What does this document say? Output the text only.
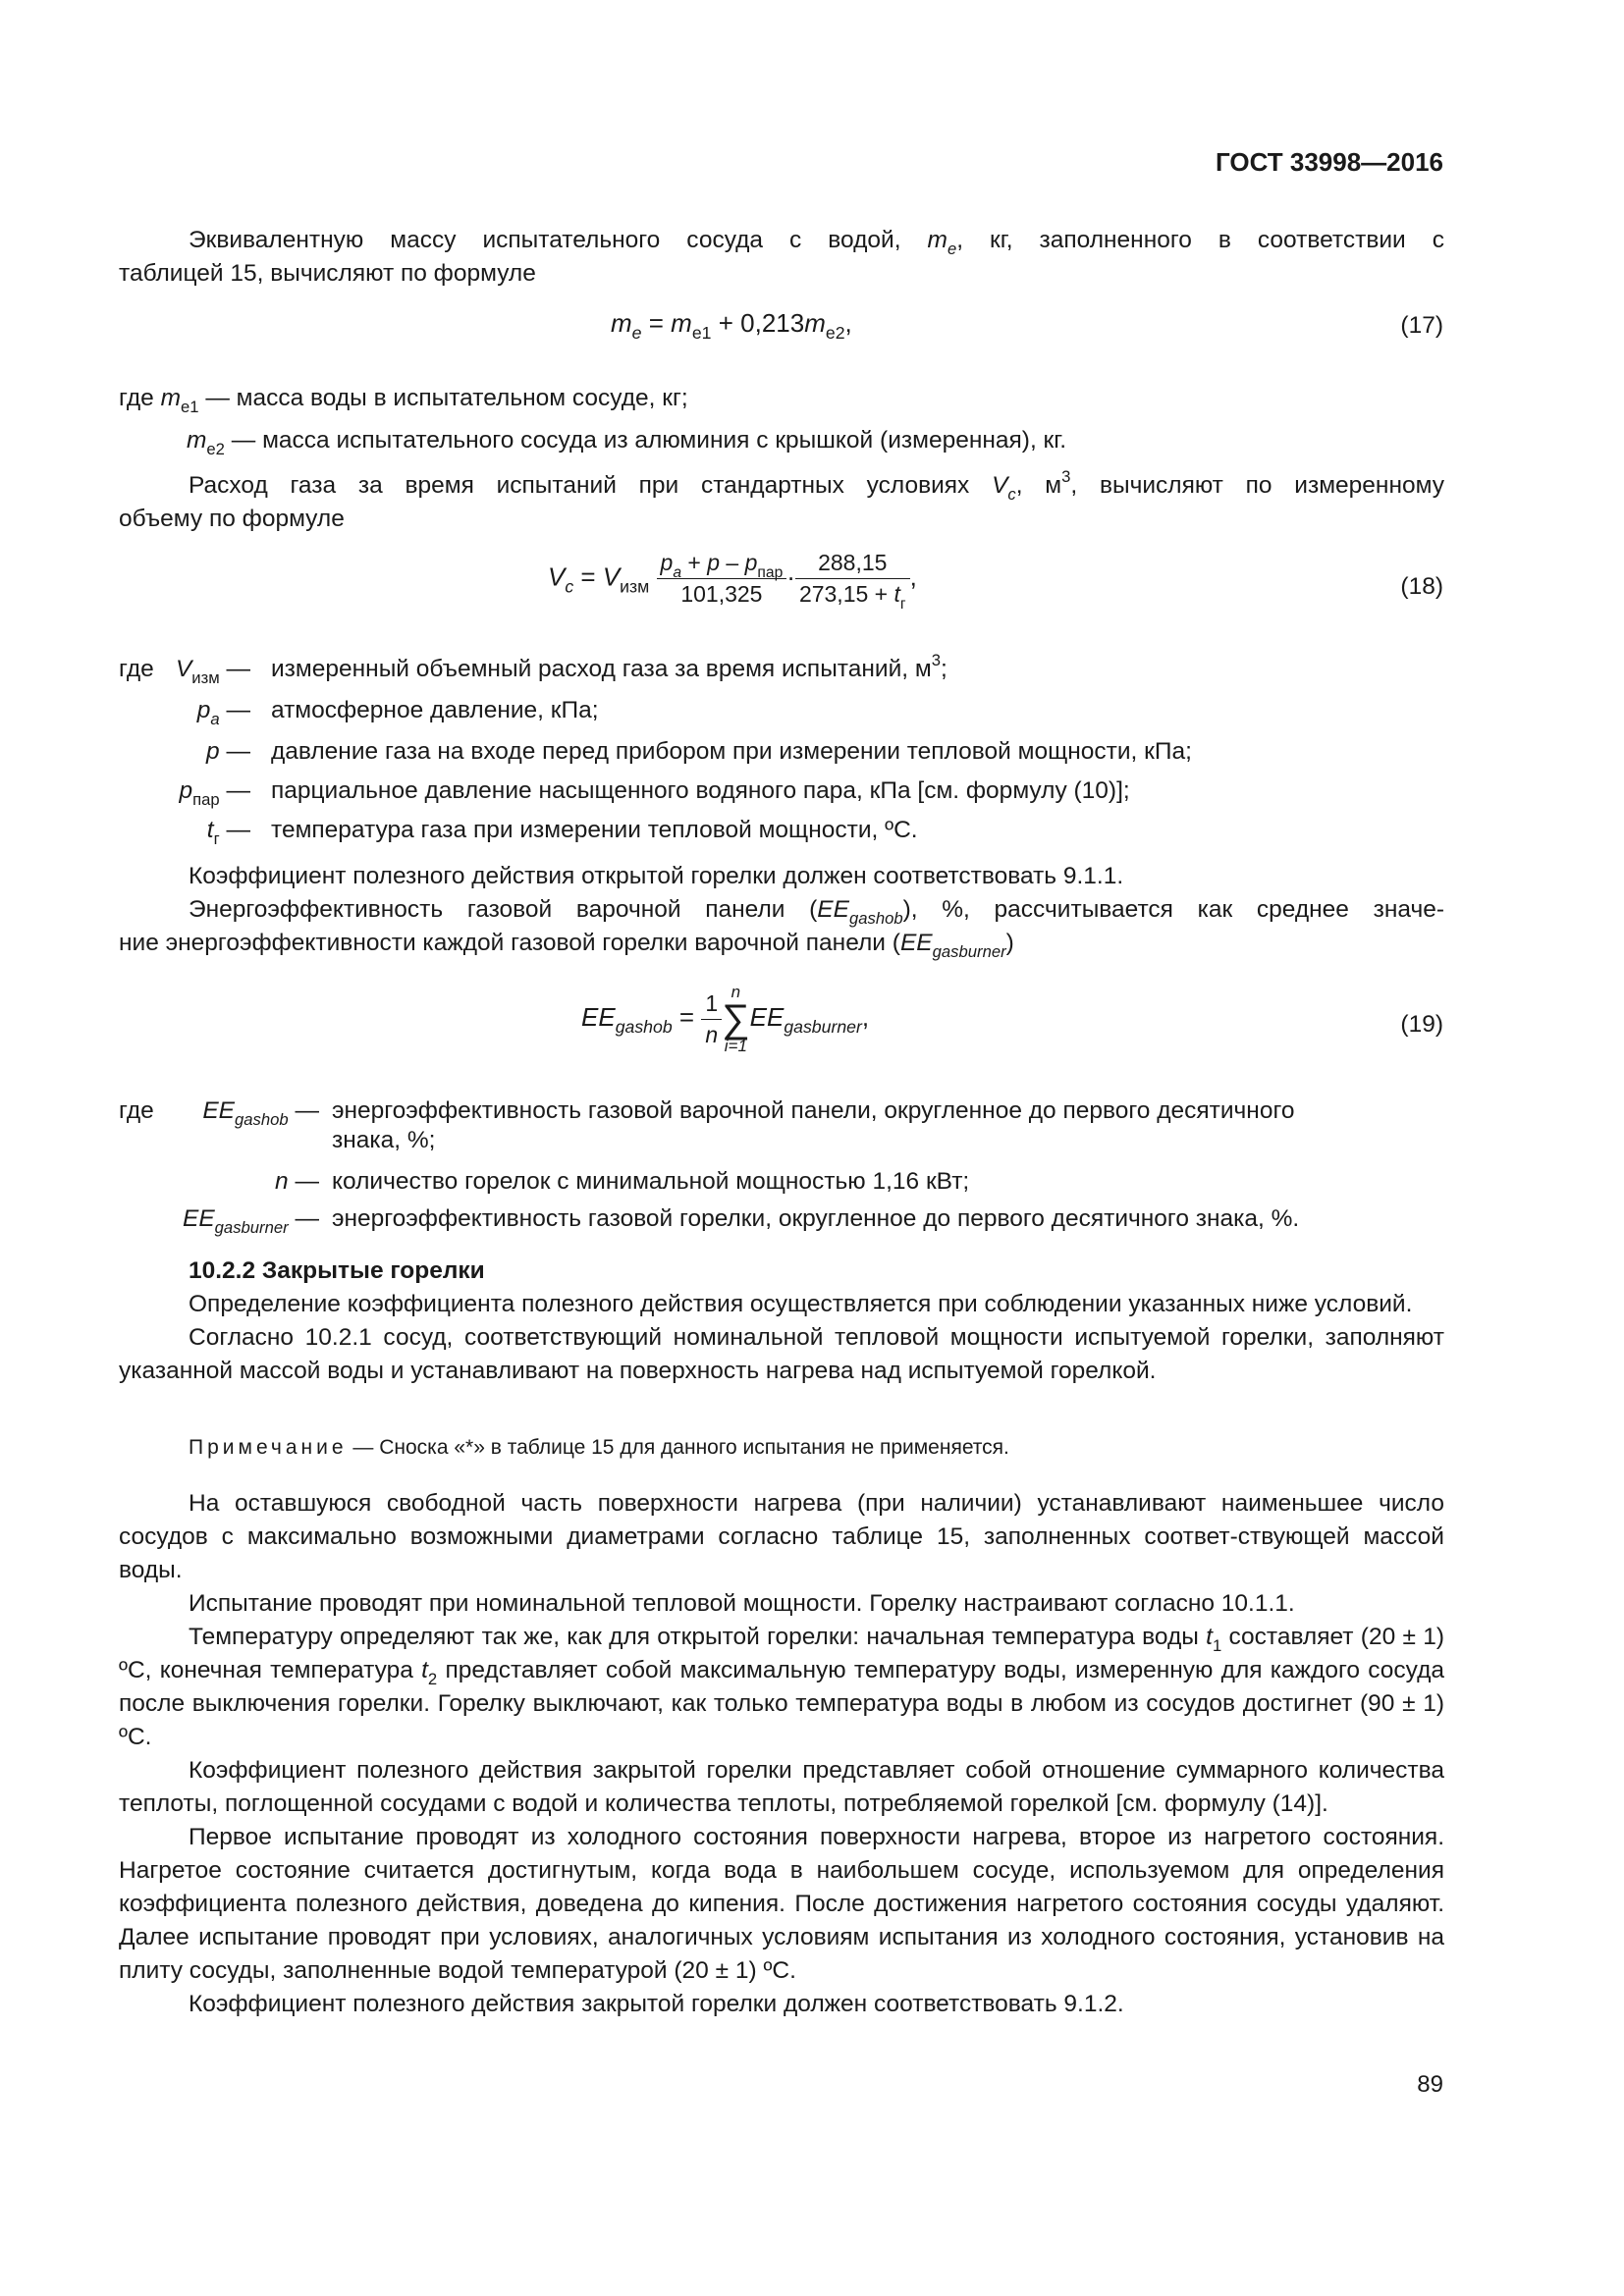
ГОСТ 33998—2016

Эквивалентную массу испытательного сосуда с водой, $m_e$, кг, заполненного в соответствии с

таблицей 15, вычисляют по формуле

$m_e = m_{e1} + 0,213m_{e2}$,	(17)
где $m_{e1}$ — масса воды в испытательном сосуде, кг;
$m_{e2}$ — масса испытательного сосуда из алюминия с крышкой (измеренная), кг.

Расход газа за время испытаний при стандартных условиях $V_c$, $м^3$, вычисляют по измеренному

объему по формуле

$V_c = V_{изм} \frac{p_a + p - p_{пар}}{101,325} \cdot \frac{288,15}{273,15 + t_г}$ ,	(18)
где $V_{изм}$ — измеренный объемный расход газа за время испытаний, $м^3$;
$p_a$ — атмосферное давление, кПа;
p — давление газа на входе перед прибором при измерении тепловой мощности, кПа;
$p_{пар}$ — парциальное давление насыщенного водяного пара, кПа [см. формулу (10)];
$t_г$ — температура газа при измерении тепловой мощности, ºС.

Коэффициент полезного действия открытой горелки должен соответствовать 9.1.1.

Энергоэффективность газовой варочной панели $(EE_{gashob})$, %, рассчитывается как среднее значе-

ние энергоэффективности каждой газовой горелки варочной панели $(EE_{gasburner})$

$EE_{gashob} = \frac{1}{n}$ n
∑
i=1
$EE_{gasburner}$,	(19)
где	$EE_{gashob}$ — энергоэффективность газовой варочной панели, округленное до первого десятичного
знака, %;
n — количество горелок с минимальной мощностью 1,16 кВт;
$EE_{gasburner}$ — энергоэффективность газовой горелки, округленное до первого десятичного знака, %.

10.2.2 Закрытые горелки

Определение коэффициента полезного действия осуществляется при соблюдении указанных ниже условий.

Согласно 10.2.1 сосуд, соответствующий номинальной тепловой мощности испытуемой горелки, заполняют указанной массой воды и устанавливают на поверхность нагрева над испытуемой горелкой.

Примечание — Сноска «*» в таблице 15 для данного испытания не применяется.

На оставшуюся свободной часть поверхности нагрева (при наличии) устанавливают наименьшее число сосудов с максимально возможными диаметрами согласно таблице 15, заполненных соответ-ствующей массой воды.

Испытание проводят при номинальной тепловой мощности. Горелку настраивают согласно 10.1.1.

Температуру определяют так же, как для открытой горелки: начальная температура воды $t_1$ составляет (20 ± 1) ºС, конечная температура $t_2$ представляет собой максимальную температуру воды, измеренную для каждого сосуда после выключения горелки. Горелку выключают, как только температура воды в любом из сосудов достигнет (90 ± 1) ºС.

Коэффициент полезного действия закрытой горелки представляет собой отношение суммарного количества теплоты, поглощенной сосудами с водой и количества теплоты, потребляемой горелкой [см. формулу (14)].

Первое испытание проводят из холодного состояния поверхности нагрева, второе из нагретого состояния. Нагретое состояние считается достигнутым, когда вода в наибольшем сосуде, используемом для определения коэффициента полезного действия, доведена до кипения. После достижения нагретого состояния сосуды удаляют. Далее испытание проводят при условиях, аналогичных условиям испытания из холодного состояния, установив на плиту сосуды, заполненные водой температурой (20 ± 1) ºС.

Коэффициент полезного действия закрытой горелки должен соответствовать 9.1.2.

89
